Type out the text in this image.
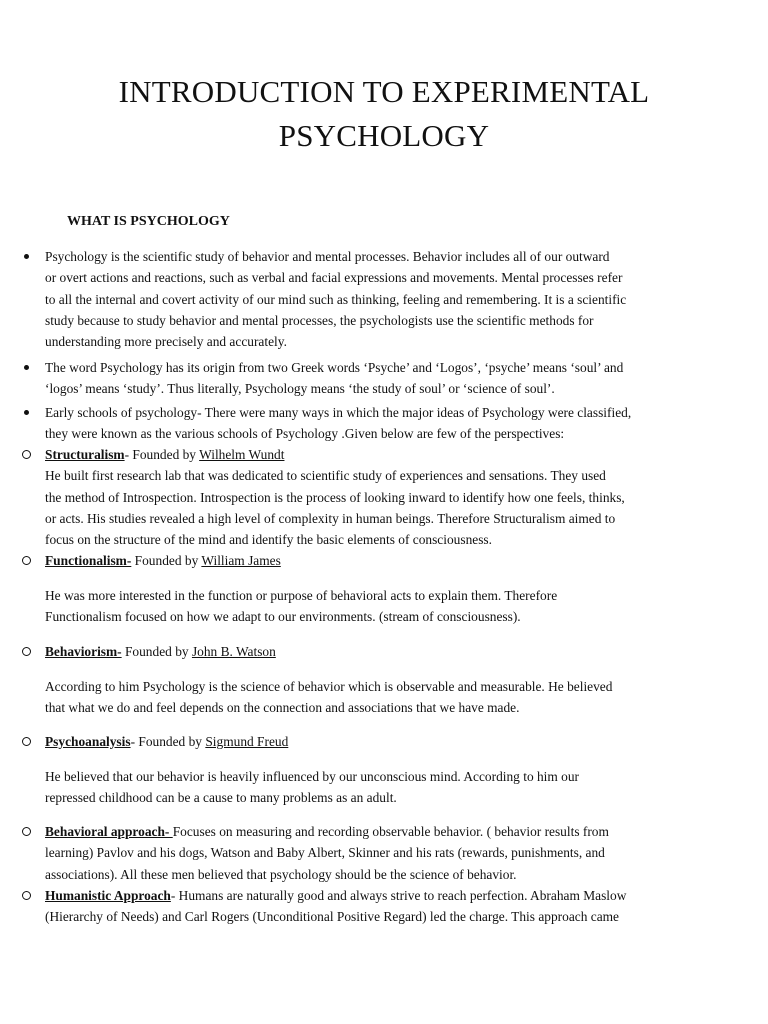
INTRODUCTION TO EXPERIMENTAL
PSYCHOLOGY
WHAT IS PSYCHOLOGY
Psychology is the scientific study of behavior and mental processes. Behavior includes all of our outward
or overt actions and reactions, such as verbal and facial expressions and movements. Mental processes refer
to all the internal and covert activity of our mind such as thinking, feeling and remembering. It is a scientific
study because to study behavior and mental processes, the psychologists use the scientific methods for
understanding more precisely and accurately.
The word Psychology has its origin from two Greek words ‘Psyche’ and ‘Logos’, ‘psyche’ means ‘soul’ and
‘logos’ means ‘study’. Thus literally, Psychology means ‘the study of soul’ or ‘science of soul’.
Early schools of psychology- There were many ways in which the major ideas of Psychology were classified,
they were known as the various schools of Psychology .Given below are few of the perspectives:
Structuralism- Founded by Wilhelm Wundt
He built first research lab that was dedicated to scientific study of experiences and sensations. They used
the method of Introspection. Introspection is the process of looking inward to identify how one feels, thinks,
or acts. His studies revealed a high level of complexity in human beings. Therefore Structuralism aimed to
focus on the structure of the mind and identify the basic elements of consciousness.
Functionalism- Founded by William James
He was more interested in the function or purpose of behavioral acts to explain them. Therefore
Functionalism focused on how we adapt to our environments. (stream of consciousness).
Behaviorism- Founded by John B. Watson
According to him Psychology is the science of behavior which is observable and measurable. He believed
that what we do and feel depends on the connection and associations that we have made.
Psychoanalysis- Founded by Sigmund Freud
He believed that our behavior is heavily influenced by our unconscious mind. According to him our
repressed childhood can be a cause to many problems as an adult.
Behavioral approach- Focuses on measuring and recording observable behavior. ( behavior results from
learning) Pavlov and his dogs, Watson and Baby Albert, Skinner and his rats (rewards, punishments, and
associations). All these men believed that psychology should be the science of behavior.
Humanistic Approach- Humans are naturally good and always strive to reach perfection. Abraham Maslow
(Hierarchy of Needs) and Carl Rogers (Unconditional Positive Regard) led the charge. This approach came
